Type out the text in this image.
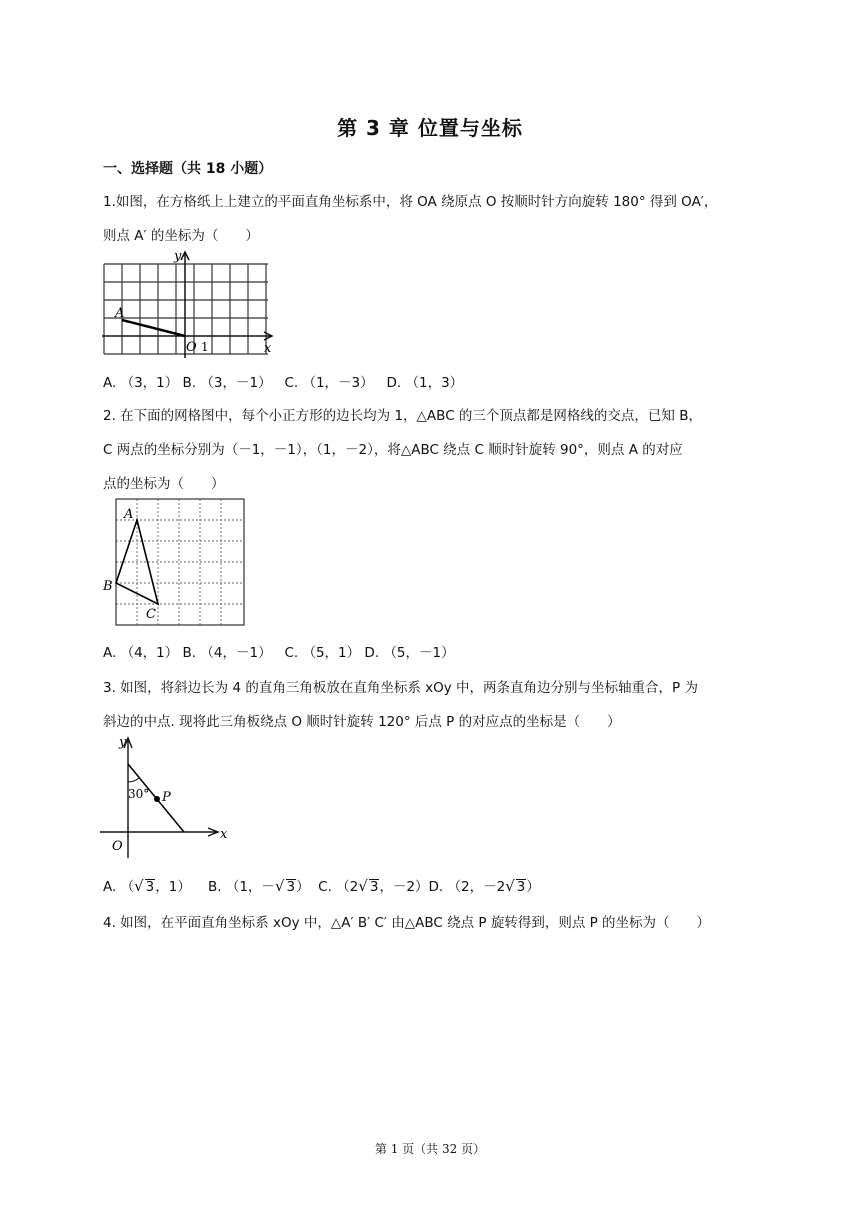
第 3 章 位置与坐标
一、选择题（共 18 小题）
1.如图，在方格纸上上建立的平面直角坐标系中，将 OA 绕原点 O 按顺时针方向旋转 180° 得到 OA′，
则点 A′ 的坐标为（　　）
y
x
A
O 1
A. （3，1） B. （3，－1）   C. （1，－3）   D. （1，3）
2. 在下面的网格图中，每个小正方形的边长均为 1，△ABC 的三个顶点都是网格线的交点，已知 B，
C 两点的坐标分别为（－1，－1），（1，－2），将△ABC 绕点 C 顺时针旋转 90°，则点 A 的对应
点的坐标为（　　）
A
B
C
A. （4，1） B. （4，－1）   C. （5，1） D. （5，－1）
3. 如图，将斜边长为 4 的直角三角板放在直角坐标系 xOy 中，两条直角边分别与坐标轴重合，P 为
斜边的中点. 现将此三角板绕点 O 顺时针旋转 120° 后点 P 的对应点的坐标是（　　）
y
x
O
30° P
A. （√ 3，1）    B. （1，－√ 3）  C. （2√ 3，－2）D. （2，－2√ 3）
4. 如图，在平面直角坐标系 xOy 中，△A′ B′ C′ 由△ABC 绕点 P 旋转得到，则点 P 的坐标为（　　）
第 1 页（共 32 页）
